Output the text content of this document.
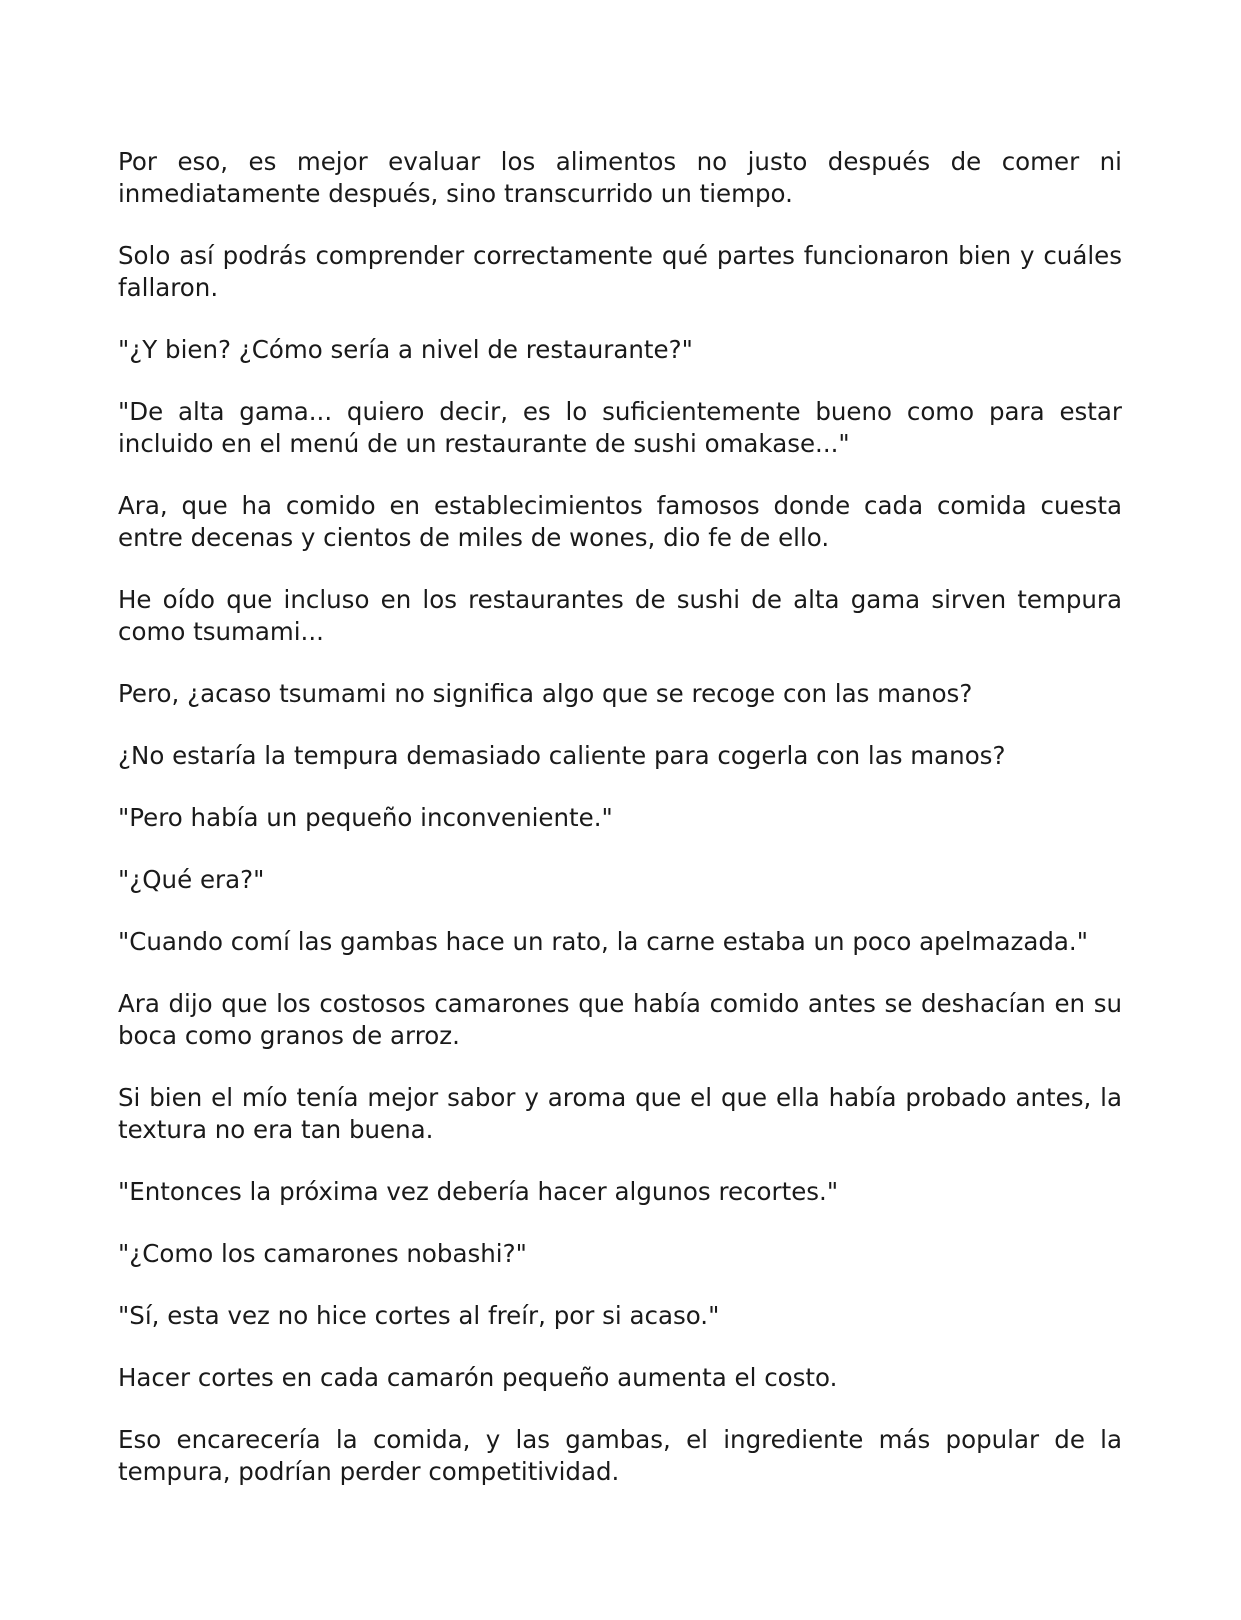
Por eso, es mejor evaluar los alimentos no justo después de comer ni inmediatamente después, sino transcurrido un tiempo.

Solo así podrás comprender correctamente qué partes funcionaron bien y cuáles fallaron.

"¿Y bien? ¿Cómo sería a nivel de restaurante?"

"De alta gama... quiero decir, es lo suficientemente bueno como para estar incluido en el menú de un restaurante de sushi omakase..."

Ara, que ha comido en establecimientos famosos donde cada comida cuesta entre decenas y cientos de miles de wones, dio fe de ello.

He oído que incluso en los restaurantes de sushi de alta gama sirven tempura como tsumami...

Pero, ¿acaso tsumami no significa algo que se recoge con las manos?

¿No estaría la tempura demasiado caliente para cogerla con las manos?

"Pero había un pequeño inconveniente."

"¿Qué era?"

"Cuando comí las gambas hace un rato, la carne estaba un poco apelmazada."

Ara dijo que los costosos camarones que había comido antes se deshacían en su boca como granos de arroz.

Si bien el mío tenía mejor sabor y aroma que el que ella había probado antes, la textura no era tan buena.

"Entonces la próxima vez debería hacer algunos recortes."

"¿Como los camarones nobashi?"

"Sí, esta vez no hice cortes al freír, por si acaso."

Hacer cortes en cada camarón pequeño aumenta el costo.

Eso encarecería la comida, y las gambas, el ingrediente más popular de la tempura, podrían perder competitividad.
